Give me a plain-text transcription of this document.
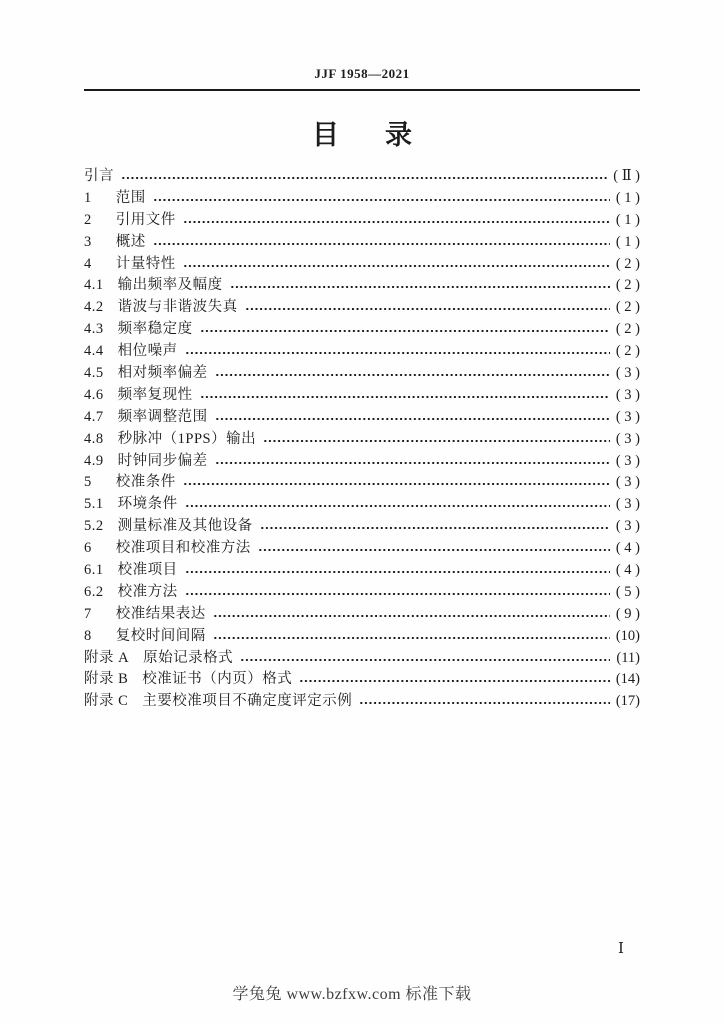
JJF 1958—2021
目 录
引言	( Ⅱ )
1 范围	( 1 )
2 引用文件	( 1 )
3 概述	( 1 )
4 计量特性	( 2 )
4.1 输出频率及幅度	( 2 )
4.2 谐波与非谐波失真	( 2 )
4.3 频率稳定度	( 2 )
4.4 相位噪声	( 2 )
4.5 相对频率偏差	( 3 )
4.6 频率复现性	( 3 )
4.7 频率调整范围	( 3 )
4.8 秒脉冲（1PPS）输出	( 3 )
4.9 时钟同步偏差	( 3 )
5 校准条件	( 3 )
5.1 环境条件	( 3 )
5.2 测量标准及其他设备	( 3 )
6 校准项目和校准方法	( 4 )
6.1 校准项目	( 4 )
6.2 校准方法	( 5 )
7 校准结果表达	( 9 )
8 复校时间间隔	(10)
附录 A 原始记录格式	(11)
附录 B 校准证书（内页）格式	(14)
附录 C 主要校准项目不确定度评定示例	(17)
Ⅰ
学兔兔 www.bzfxw.com 标准下载
